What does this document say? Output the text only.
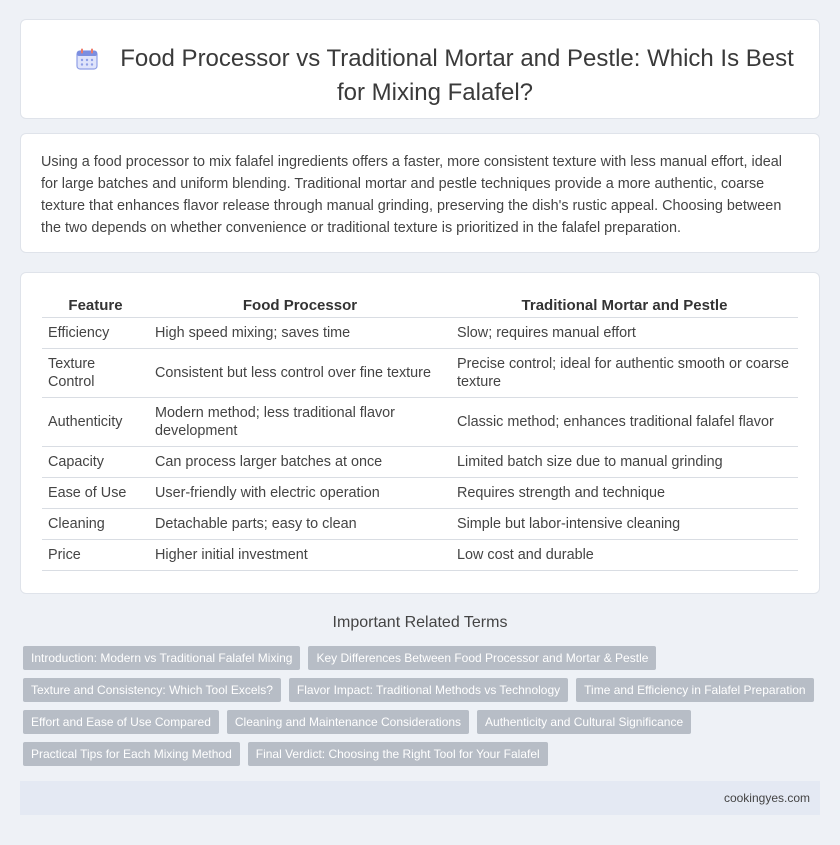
Food Processor vs Traditional Mortar and Pestle: Which Is Best for Mixing Falafel?
Using a food processor to mix falafel ingredients offers a faster, more consistent texture with less manual effort, ideal for large batches and uniform blending. Traditional mortar and pestle techniques provide a more authentic, coarse texture that enhances flavor release through manual grinding, preserving the dish's rustic appeal. Choosing between the two depends on whether convenience or traditional texture is prioritized in the falafel preparation.
Feature	Food Processor	Traditional Mortar and Pestle
Efficiency	High speed mixing; saves time	Slow; requires manual effort
Texture Control	Consistent but less control over fine texture	Precise control; ideal for authentic smooth or coarse texture
Authenticity	Modern method; less traditional flavor development	Classic method; enhances traditional falafel flavor
Capacity	Can process larger batches at once	Limited batch size due to manual grinding
Ease of Use	User-friendly with electric operation	Requires strength and technique
Cleaning	Detachable parts; easy to clean	Simple but labor-intensive cleaning
Price	Higher initial investment	Low cost and durable
Important Related Terms
Introduction: Modern vs Traditional Falafel Mixing	Key Differences Between Food Processor and Mortar & Pestle
Texture and Consistency: Which Tool Excels?	Flavor Impact: Traditional Methods vs Technology	Time and Efficiency in Falafel Preparation
Effort and Ease of Use Compared	Cleaning and Maintenance Considerations	Authenticity and Cultural Significance
Practical Tips for Each Mixing Method	Final Verdict: Choosing the Right Tool for Your Falafel
cookingyes.com
